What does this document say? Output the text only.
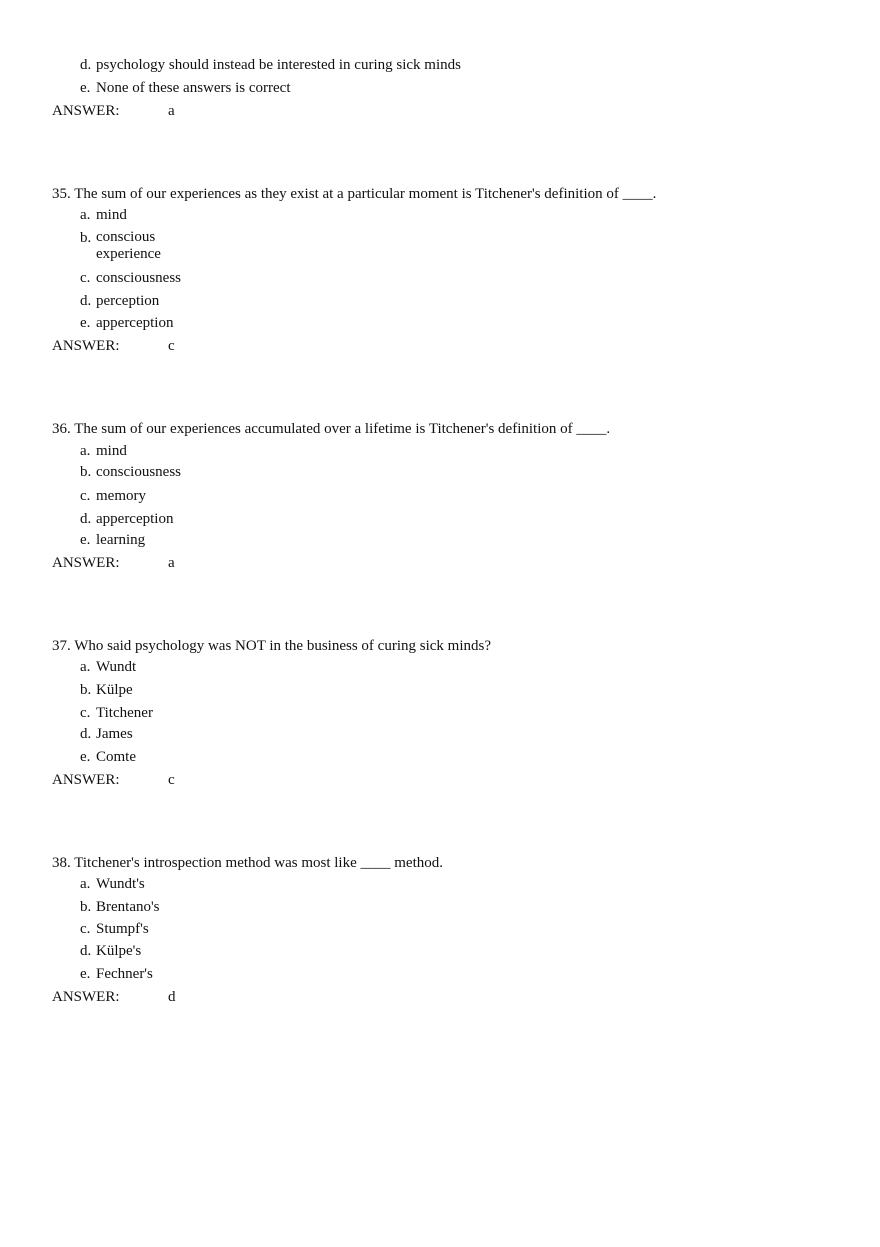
d. psychology should instead be interested in curing sick minds
e. None of these answers is correct
ANSWER:	a
35. The sum of our experiences as they exist at a particular moment is Titchener's definition of ____.
a. mind
b. conscious experience
c. consciousness
d. perception
e. apperception
ANSWER:	c
36. The sum of our experiences accumulated over a lifetime is Titchener's definition of ____.
a. mind
b. consciousness
c. memory
d. apperception
e. learning
ANSWER:	a
37. Who said psychology was NOT in the business of curing sick minds?
a. Wundt
b. Külpe
c. Titchener
d. James
e. Comte
ANSWER:	c
38. Titchener's introspection method was most like ____ method.
a. Wundt's
b. Brentano's
c. Stumpf's
d. Külpe's
e. Fechner's
ANSWER:	d
